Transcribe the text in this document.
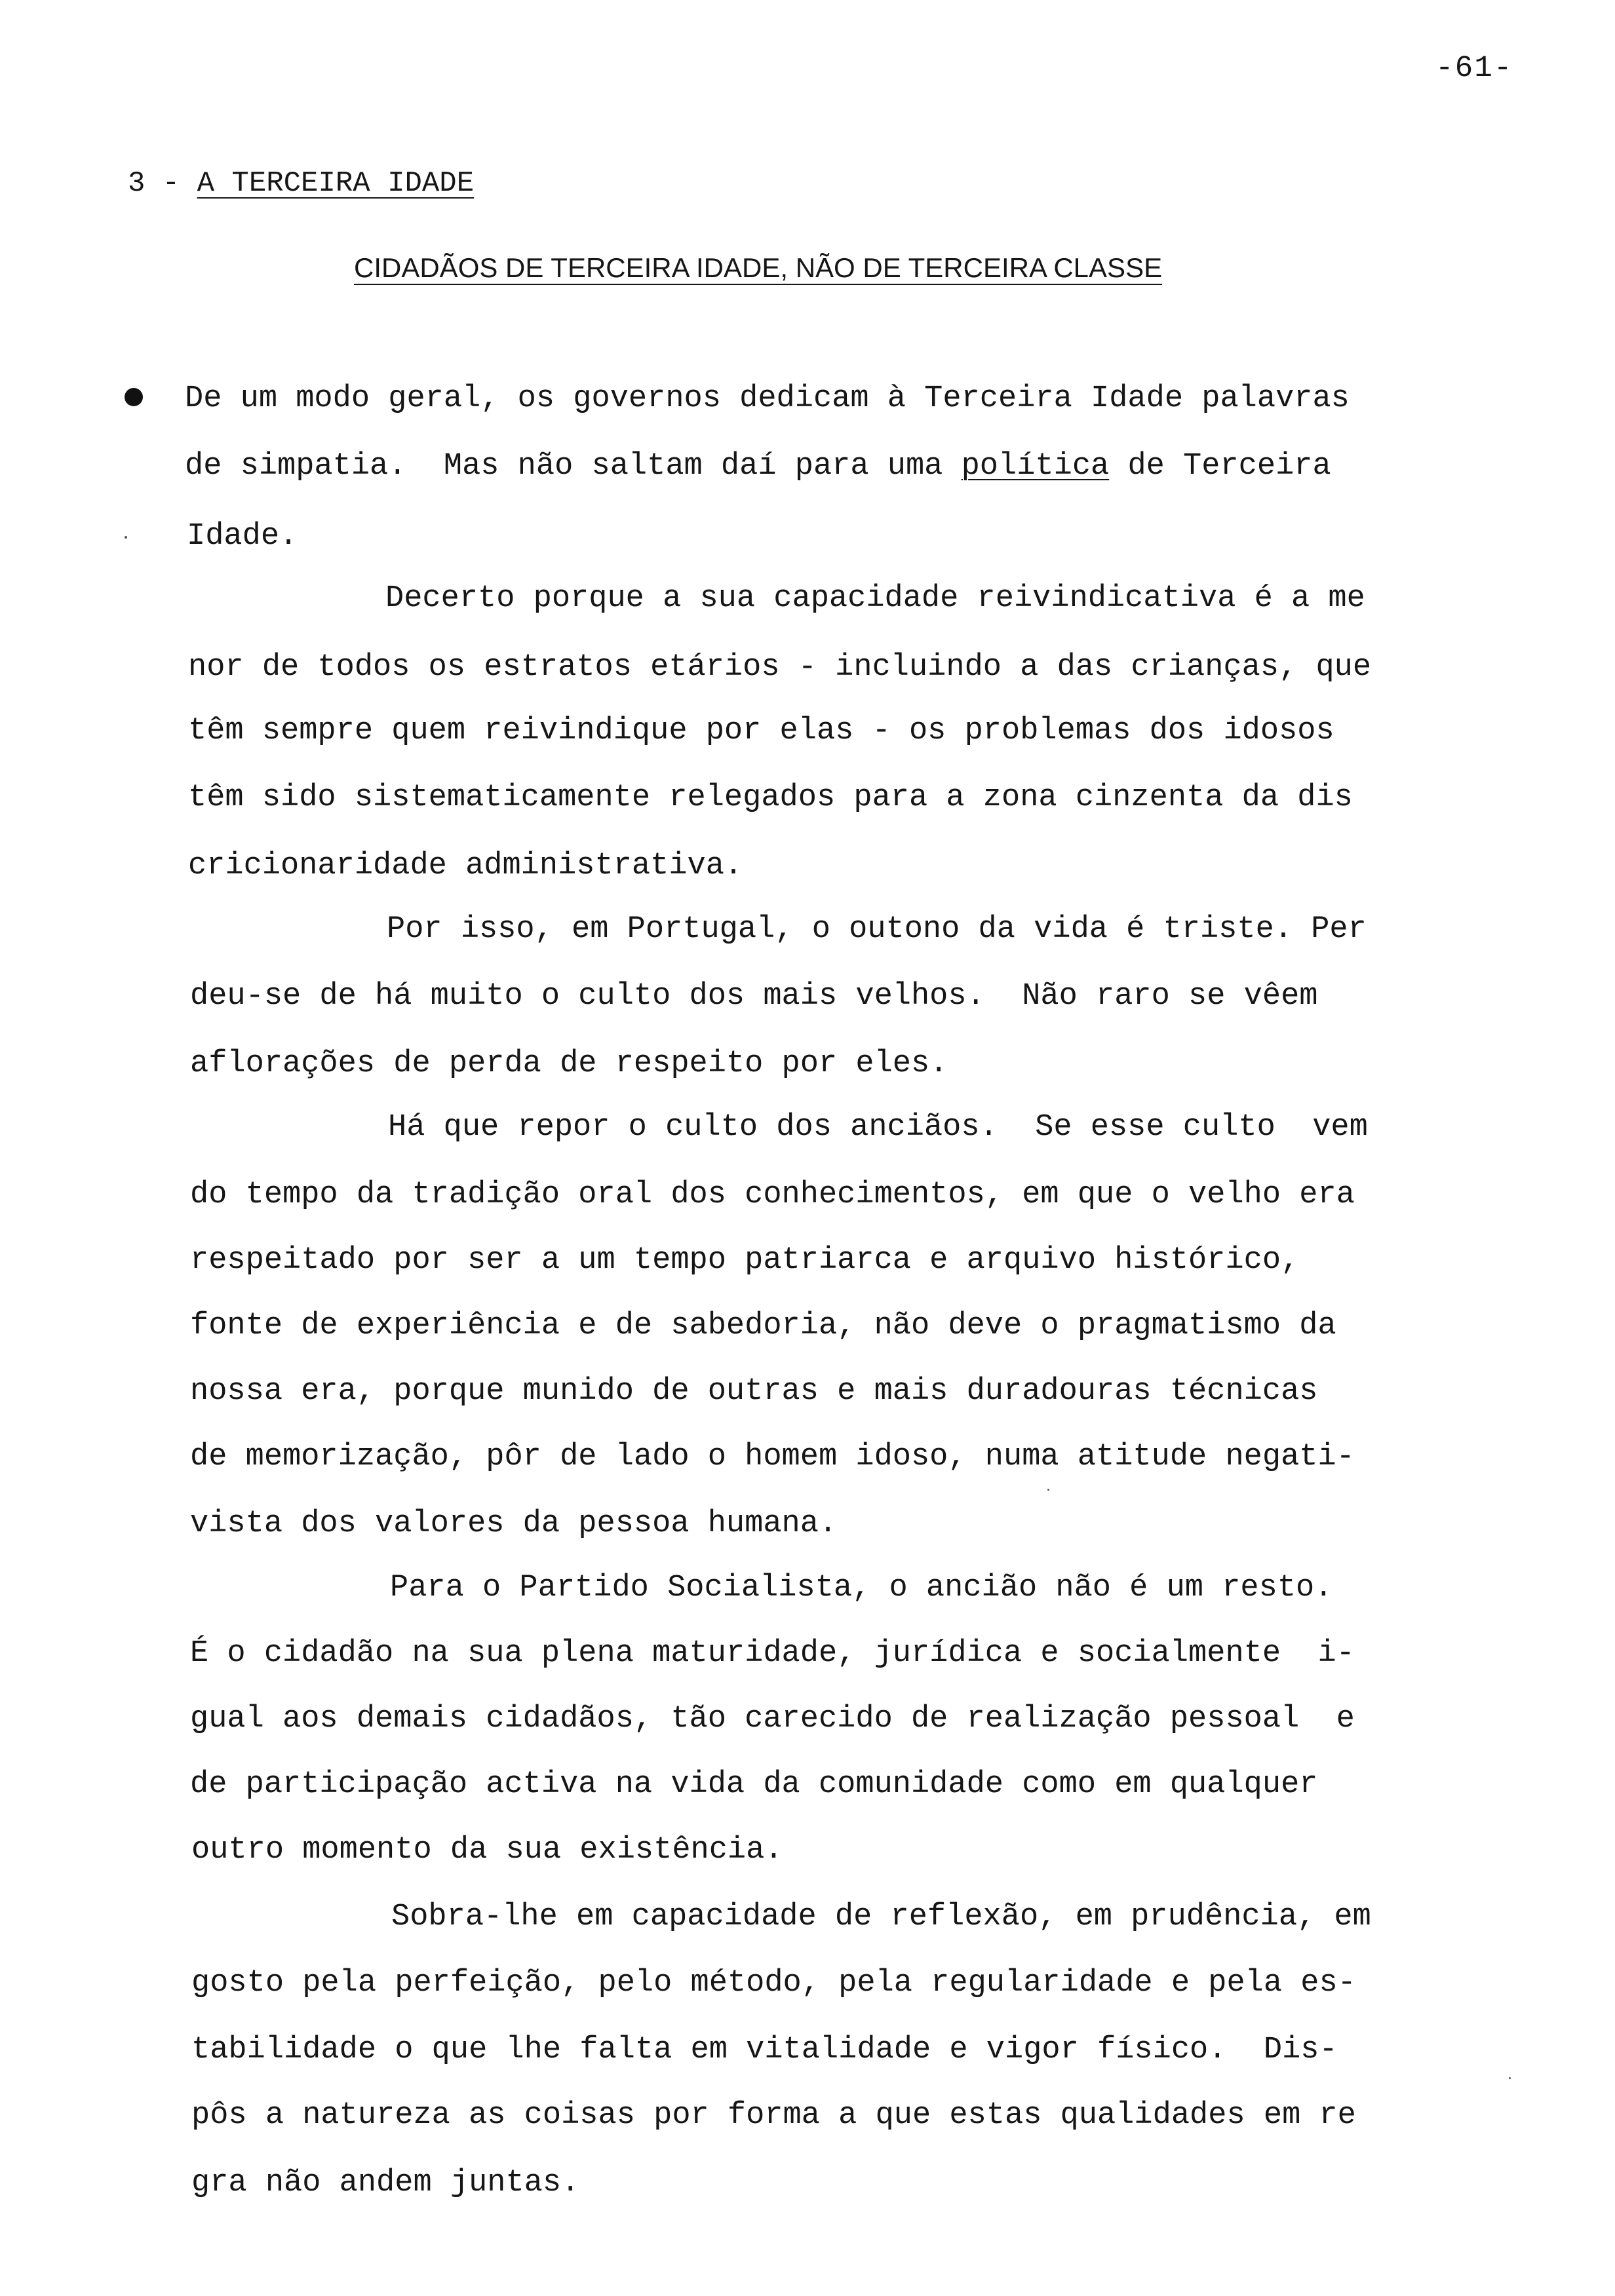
-61-
3 - A TERCEIRA IDADE
CIDADÃOS DE TERCEIRA IDADE, NÃO DE TERCEIRA CLASSE
De um modo geral, os governos dedicam à Terceira Idade palavras
de simpatia.  Mas não saltam daí para uma política de Terceira
Idade.
Decerto porque a sua capacidade reivindicativa é a me
nor de todos os estratos etários - incluindo a das crianças, que
têm sempre quem reivindique por elas - os problemas dos idosos
têm sido sistematicamente relegados para a zona cinzenta da dis
cricionaridade administrativa.
Por isso, em Portugal, o outono da vida é triste. Per
deu-se de há muito o culto dos mais velhos.  Não raro se vêem
aflorações de perda de respeito por eles.
Há que repor o culto dos anciãos.  Se esse culto  vem
do tempo da tradição oral dos conhecimentos, em que o velho era
respeitado por ser a um tempo patriarca e arquivo histórico,
fonte de experiência e de sabedoria, não deve o pragmatismo da
nossa era, porque munido de outras e mais duradouras técnicas
de memorização, pôr de lado o homem idoso, numa atitude negati-
vista dos valores da pessoa humana.
Para o Partido Socialista, o ancião não é um resto.
É o cidadão na sua plena maturidade, jurídica e socialmente  i-
gual aos demais cidadãos, tão carecido de realização pessoal  e
de participação activa na vida da comunidade como em qualquer
outro momento da sua existência.
Sobra-lhe em capacidade de reflexão, em prudência, em
gosto pela perfeição, pelo método, pela regularidade e pela es-
tabilidade o que lhe falta em vitalidade e vigor físico.  Dis-
pôs a natureza as coisas por forma a que estas qualidades em re
gra não andem juntas.
